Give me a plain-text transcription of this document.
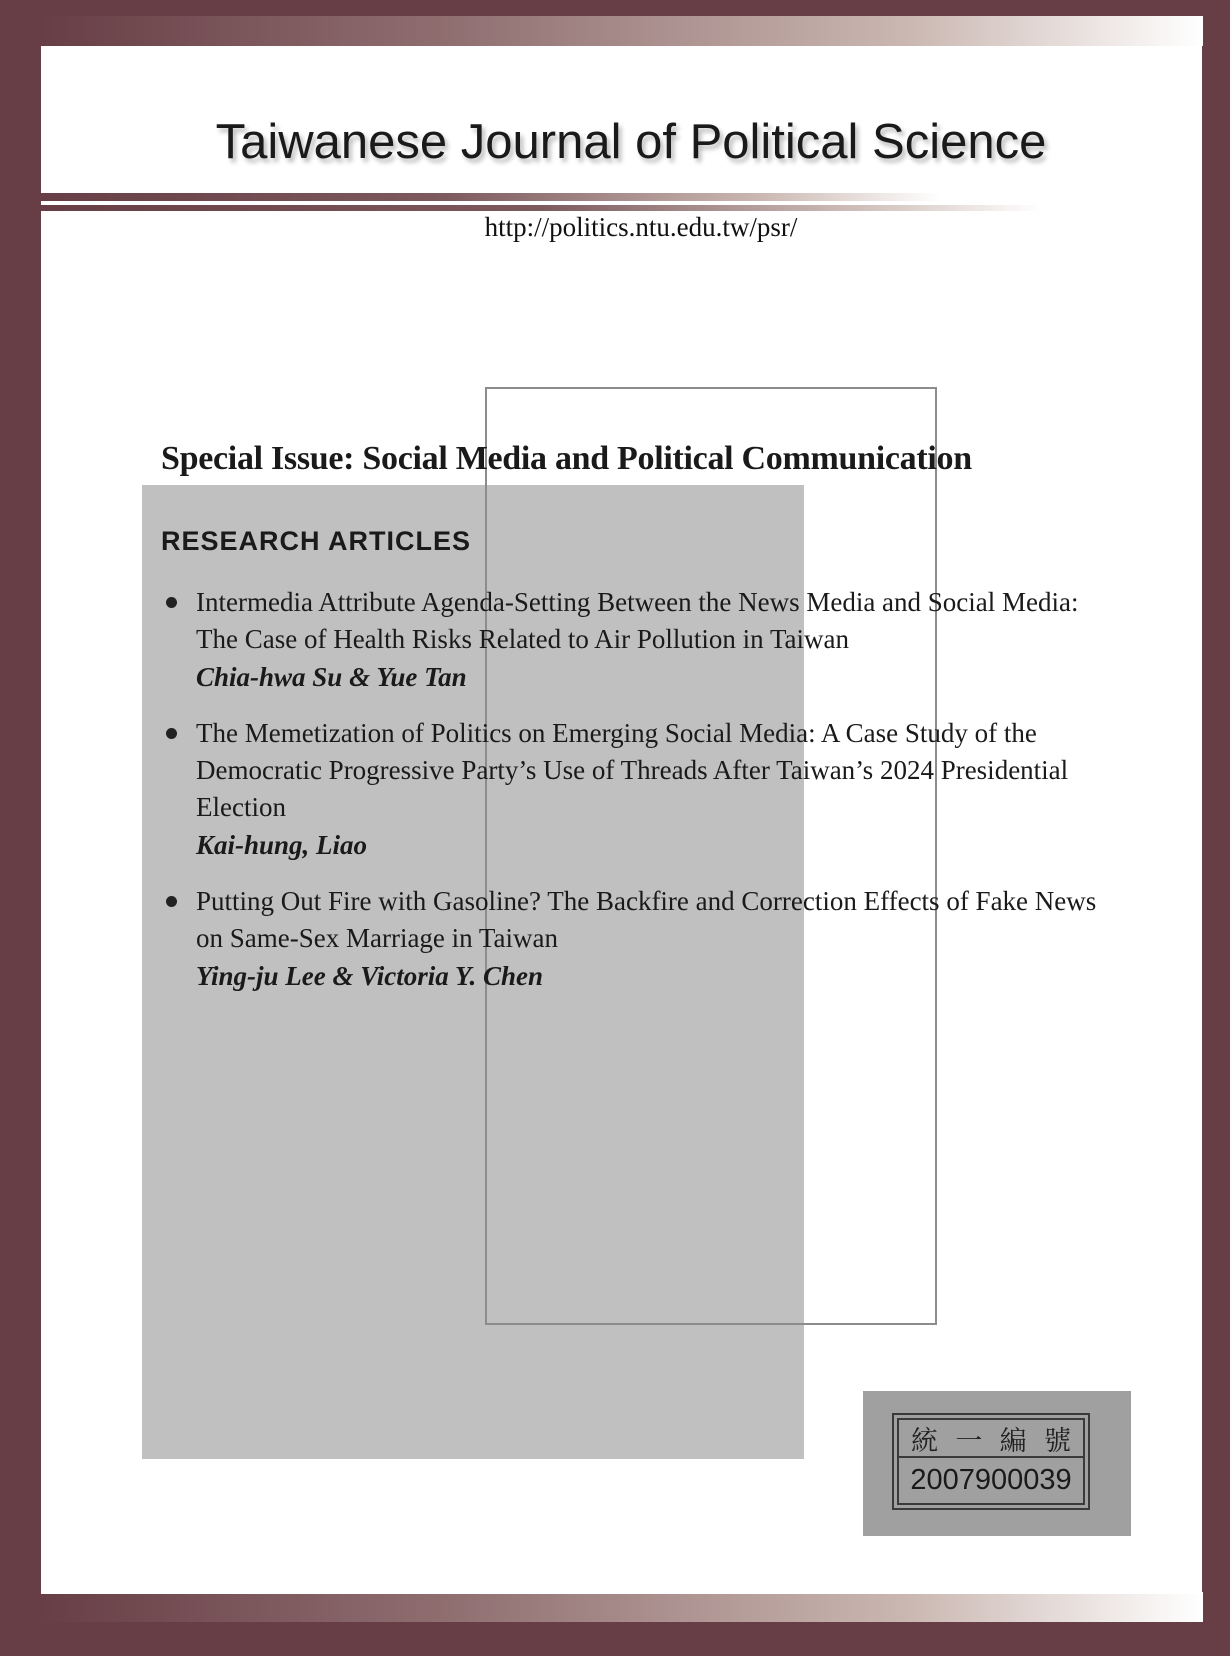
Taiwanese Journal of Political Science
http://politics.ntu.edu.tw/psr/
Special Issue: Social Media and Political Communication
RESEARCH ARTICLES
Intermedia Attribute Agenda-Setting Between the News Media and Social Media: The Case of Health Risks Related to Air Pollution in Taiwan
Chia-hwa Su & Yue Tan
The Memetization of Politics on Emerging Social Media: A Case Study of the Democratic Progressive Party’s Use of Threads After Taiwan’s 2024 Presidential Election
Kai-hung, Liao
Putting Out Fire with Gasoline? The Backfire and Correction Effects of Fake News on Same-Sex Marriage in Taiwan
Ying-ju Lee & Victoria Y. Chen
統 一 編 號
2007900039
